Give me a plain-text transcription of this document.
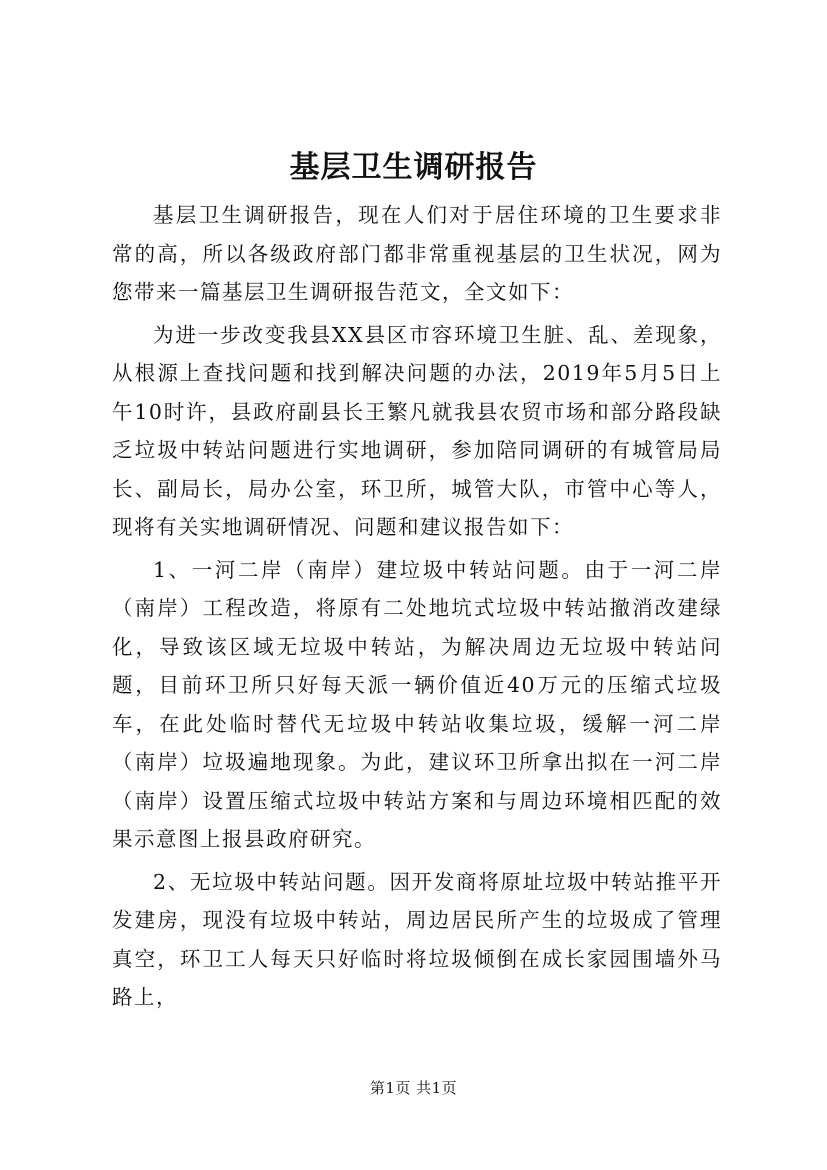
基层卫生调研报告

基层卫生调研报告，现在人们对于居住环境的卫生要求非常的高，所以各级政府部门都非常重视基层的卫生状况，网为您带来一篇基层卫生调研报告范文，全文如下：

为进一步改变我县XX县区市容环境卫生脏、乱、差现象，从根源上查找问题和找到解决问题的办法，2019年5月5日上午10时许，县政府副县长王繁凡就我县农贸市场和部分路段缺乏垃圾中转站问题进行实地调研，参加陪同调研的有城管局局长、副局长，局办公室，环卫所，城管大队，市管中心等人，现将有关实地调研情况、问题和建议报告如下：

1、一河二岸（南岸）建垃圾中转站问题。由于一河二岸（南岸）工程改造，将原有二处地坑式垃圾中转站撤消改建绿化，导致该区域无垃圾中转站，为解决周边无垃圾中转站问题，目前环卫所只好每天派一辆价值近40万元的压缩式垃圾车，在此处临时替代无垃圾中转站收集垃圾，缓解一河二岸（南岸）垃圾遍地现象。为此，建议环卫所拿出拟在一河二岸（南岸）设置压缩式垃圾中转站方案和与周边环境相匹配的效果示意图上报县政府研究。

2、无垃圾中转站问题。因开发商将原址垃圾中转站推平开发建房，现没有垃圾中转站，周边居民所产生的垃圾成了管理真空，环卫工人每天只好临时将垃圾倾倒在成长家园围墙外马路上，

第1页 共1页
